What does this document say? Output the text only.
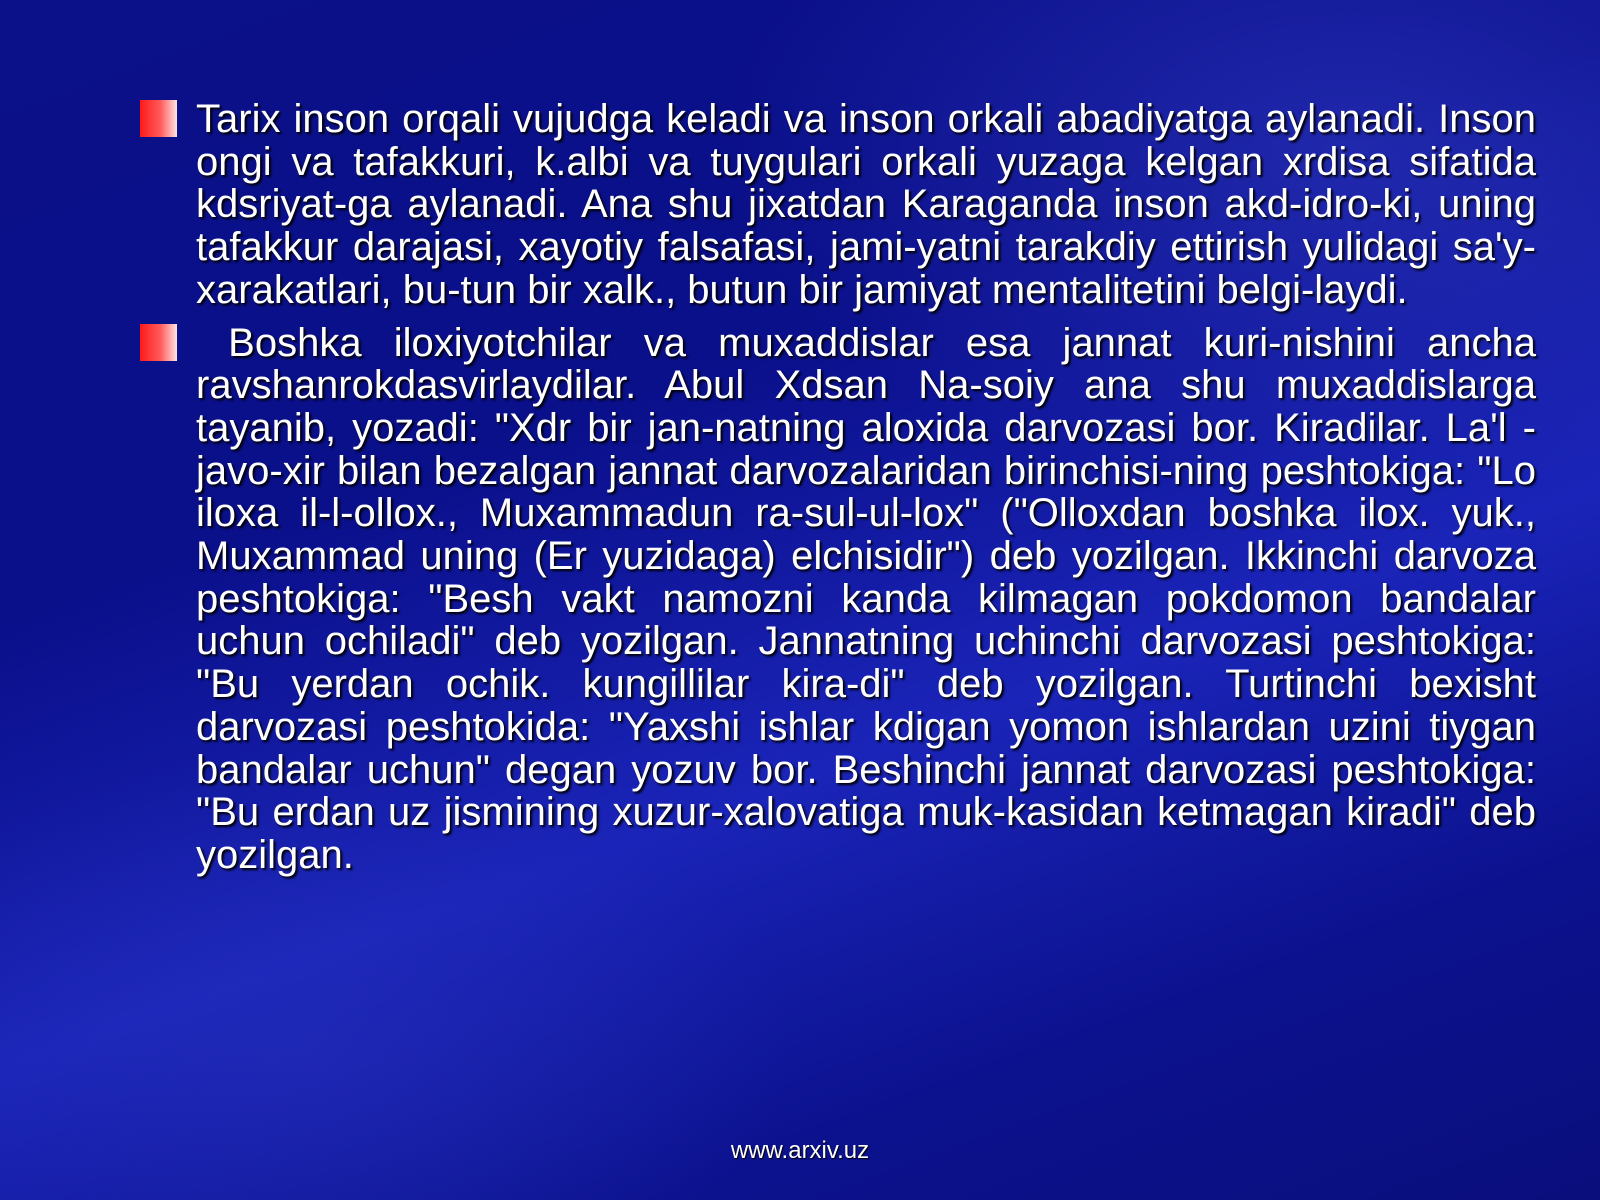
Tarix inson orqali vujudga keladi va inson orkali abadiyatga aylanadi. Inson ongi va tafakkuri, k.albi va tuygulari orkali yuzaga kelgan xrdisa sifatida kdsriyat-ga aylanadi. Ana shu jixatdan Karaganda inson akd-idro-ki, uning tafakkur darajasi, xayotiy falsafasi, jami-yatni tarakdiy ettirish yulidagi sa'y-xarakatlari, bu-tun bir xalk., butun bir jamiyat mentalitetini belgi-laydi.

Boshka iloxiyotchilar va muxaddislar esa jannat kuri-nishini ancha ravshanrokdasvirlaydilar. Abul Xdsan Na-soiy ana shu muxaddislarga tayanib, yozadi: "Xdr bir jan-natning aloxida darvozasi bor. Kiradilar. La'l - javo-xir bilan bezalgan jannat darvozalaridan birinchisi-ning peshtokiga: "Lo iloxa il-l-ollox., Muxammadun ra-sul-ul-lox" ("Olloxdan boshka ilox. yuk., Muxammad uning (Er yuzidaga) elchisidir") deb yozilgan. Ikkinchi darvoza peshtokiga: "Besh vakt namozni kanda kilmagan pokdomon bandalar uchun ochiladi" deb yozilgan. Jannatning uchinchi darvozasi peshtokiga: "Bu yerdan ochik. kungillilar kira-di" deb yozilgan. Turtinchi bexisht darvozasi peshtokida: "Yaxshi ishlar kdigan yomon ishlardan uzini tiygan bandalar uchun" degan yozuv bor. Beshinchi jannat darvozasi peshtokiga: "Bu erdan uz jismining xuzur-xalovatiga muk-kasidan ketmagan kiradi" deb yozilgan.

www.arxiv.uz
